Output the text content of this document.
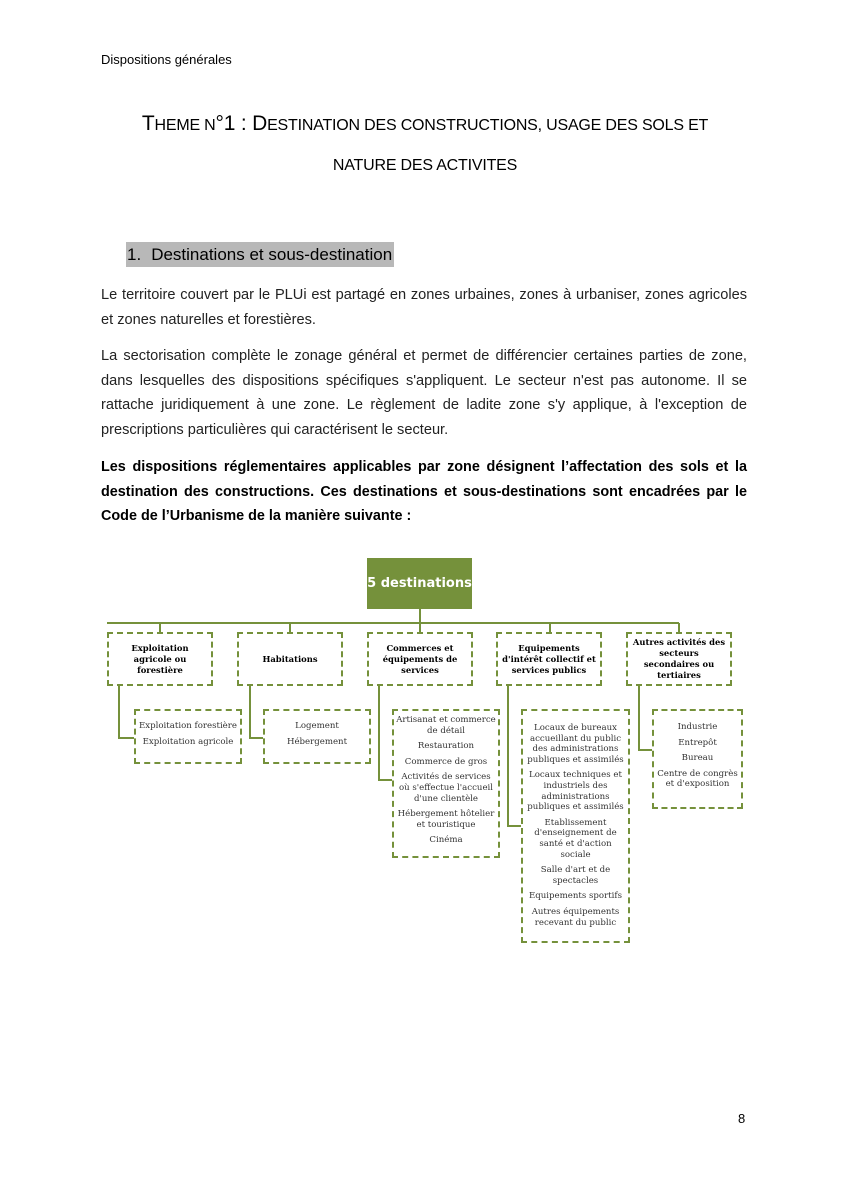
Dispositions générales
THEME N°1 : DESTINATION DES CONSTRUCTIONS, USAGE DES SOLS ET
NATURE DES ACTIVITES
1. Destinations et sous-destination
Le territoire couvert par le PLUi est partagé en zones urbaines, zones à urbaniser, zones agricoles et zones naturelles et forestières.
La sectorisation complète le zonage général et permet de différencier certaines parties de zone, dans lesquelles des dispositions spécifiques s'appliquent. Le secteur n'est pas autonome. Il se rattache juridiquement à une zone. Le règlement de ladite zone s'y applique, à l'exception de prescriptions particulières qui caractérisent le secteur.
Les dispositions réglementaires applicables par zone désignent l’affectation des sols et la destination des constructions. Ces destinations et sous-destinations sont encadrées par le Code de l’Urbanisme de la manière suivante :
5 destinations
Exploitation agricole ou forestière
Habitations
Commerces et équipements de services
Equipements d'intérêt collectif et services publics
Autres activités des secteurs secondaires ou tertiaires
Exploitation forestière
Exploitation agricole
Logement
Hébergement
Artisanat et commerce de détail
Restauration
Commerce de gros
Activités de services où s'effectue l'accueil d'une clientèle
Hébergement hôtelier et touristique
Cinéma
Locaux de bureaux accueillant du public des administrations publiques et assimilés
Locaux techniques et industriels des administrations publiques et assimilés
Etablissement d'enseignement de santé et d'action sociale
Salle d'art et de spectacles
Equipements sportifs
Autres équipements recevant du public
Industrie
Entrepôt
Bureau
Centre de congrès et d'exposition
8
